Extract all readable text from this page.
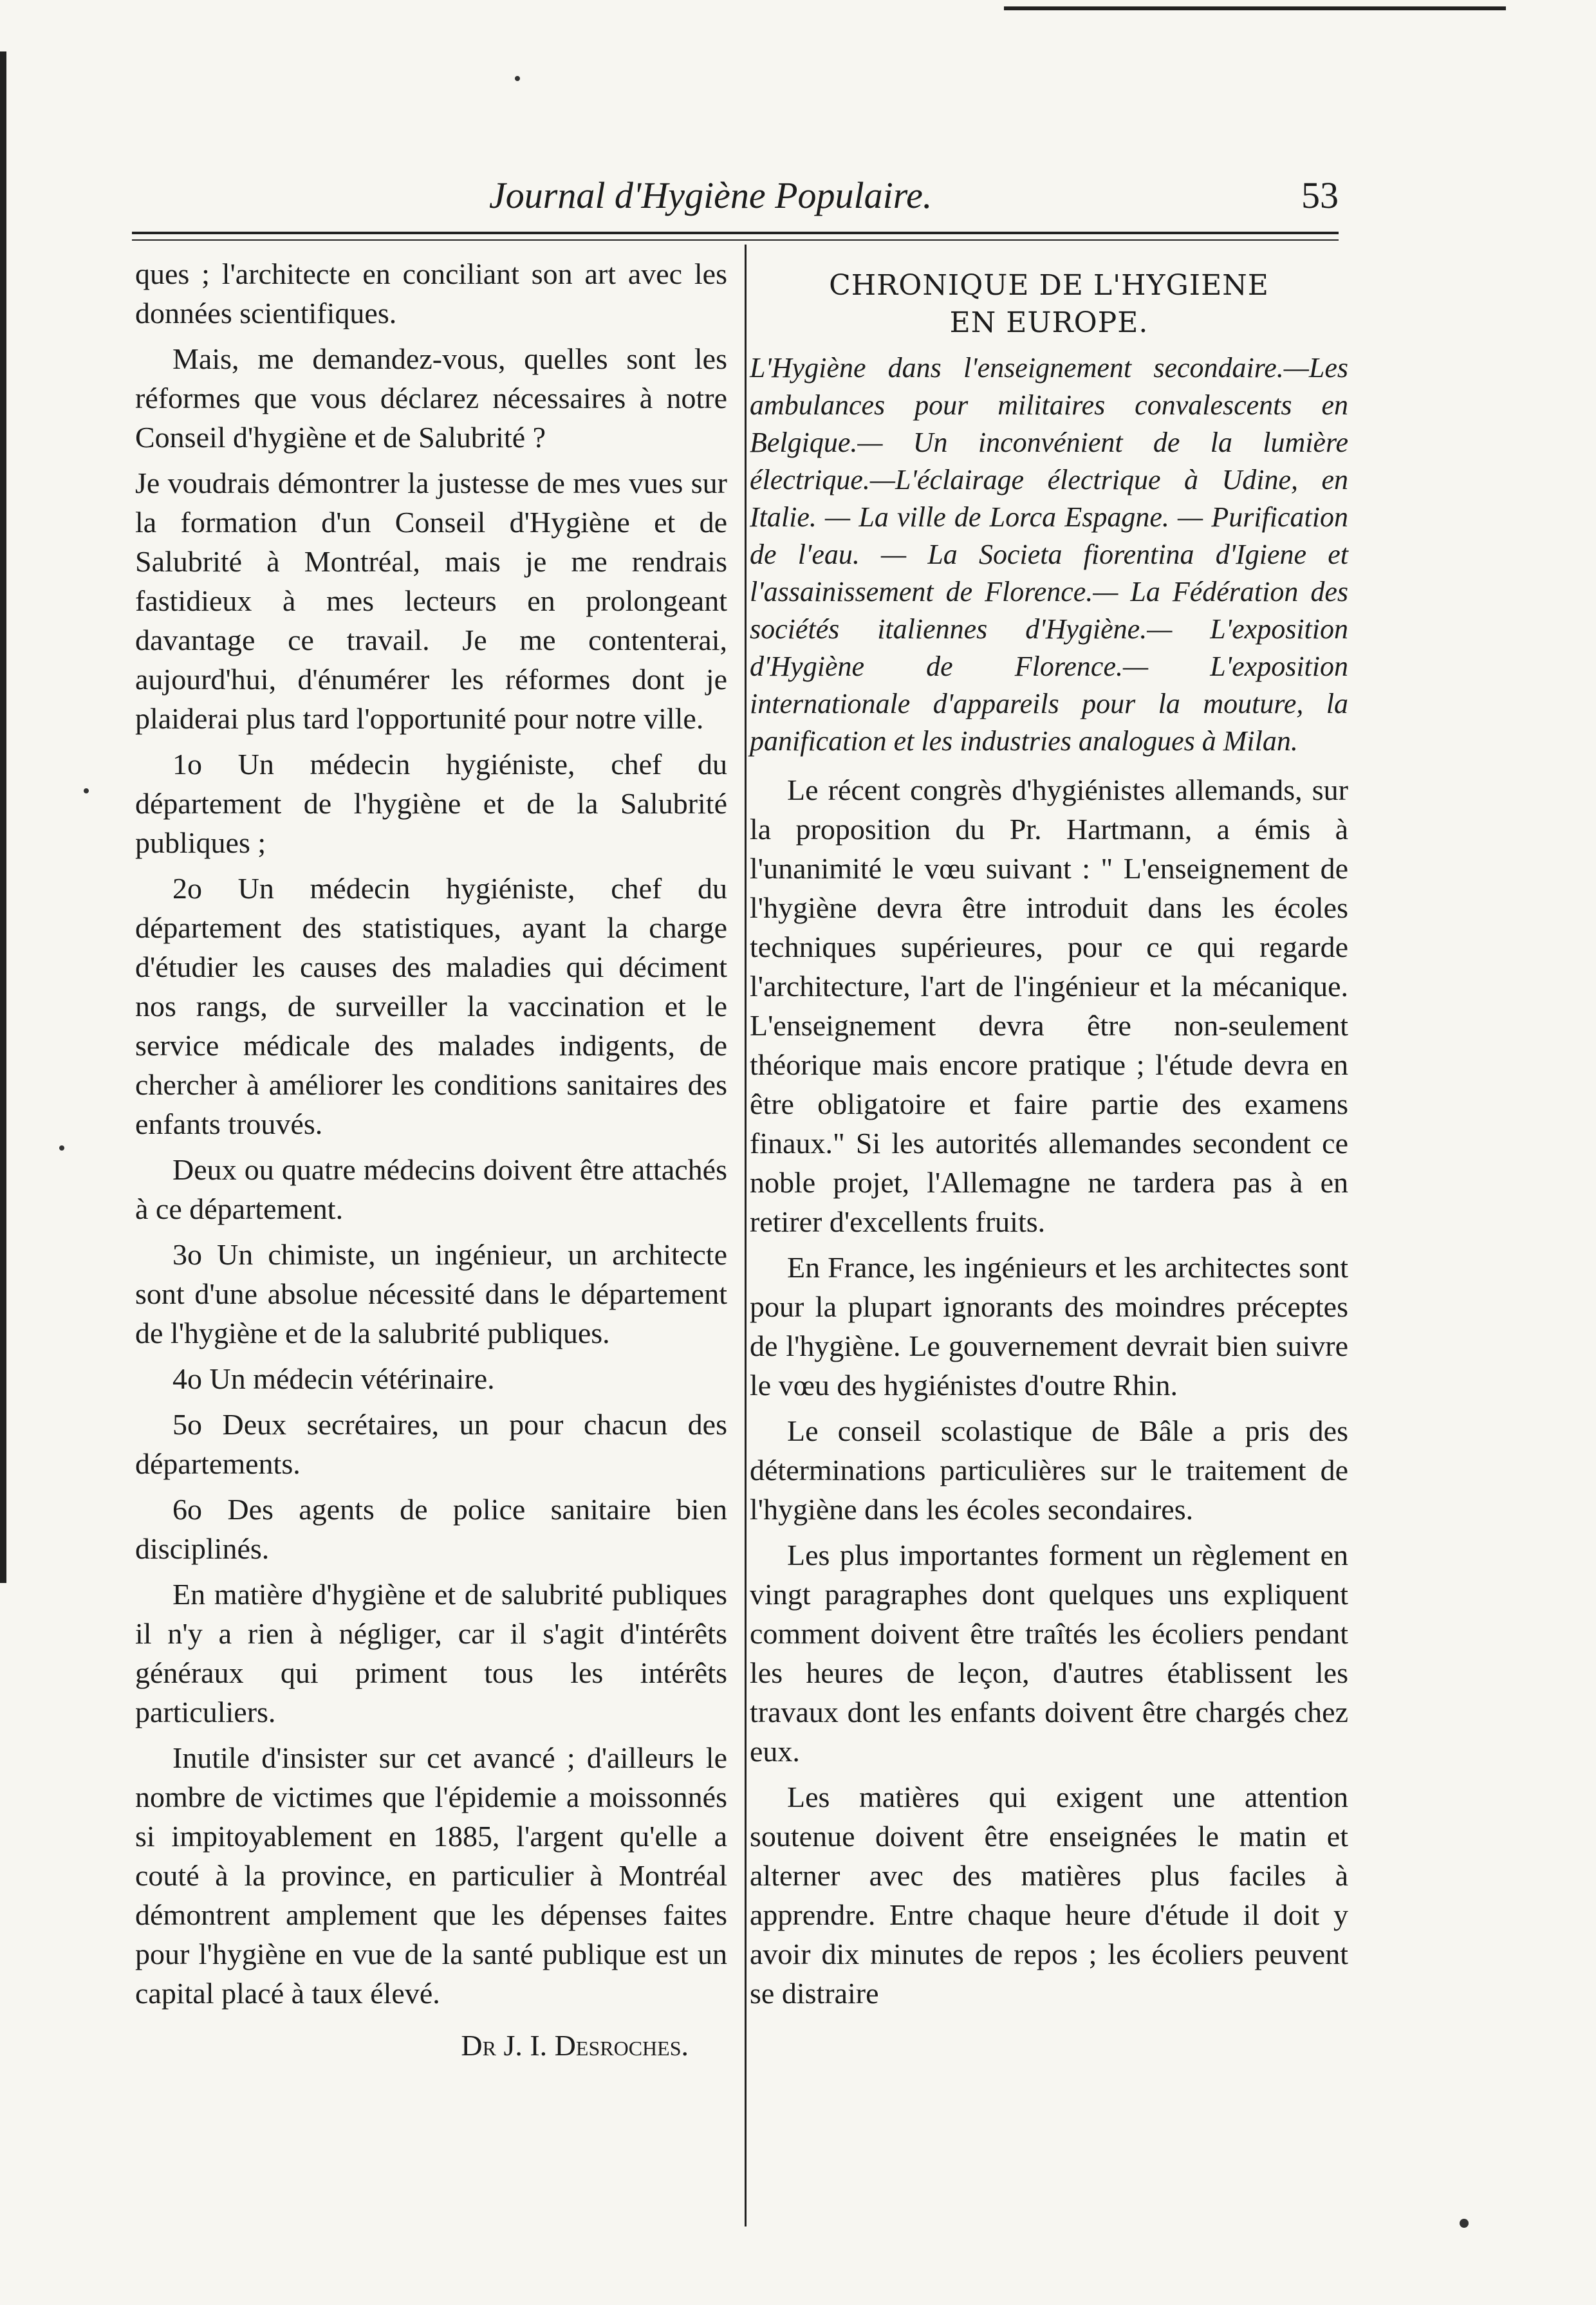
Journal d'Hygiène Populaire.	53

ques ; l'architecte en conciliant son art avec les données scientifiques.

Mais, me demandez-vous, quelles sont les réformes que vous déclarez nécessaires à notre Conseil d'hygiène et de Salubrité ?

Je voudrais démontrer la justesse de mes vues sur la formation d'un Conseil d'Hygiène et de Salubrité à Montréal, mais je me rendrais fastidieux à mes lecteurs en prolongeant davantage ce travail. Je me contenterai, aujourd'hui, d'énumérer les réformes dont je plaiderai plus tard l'opportunité pour notre ville.

1o Un médecin hygiéniste, chef du département de l'hygiène et de la Salubrité publiques ;

2o Un médecin hygiéniste, chef du département des statistiques, ayant la charge d'étudier les causes des maladies qui déciment nos rangs, de surveiller la vaccination et le service médicale des malades indigents, de chercher à améliorer les conditions sanitaires des enfants trouvés.

Deux ou quatre médecins doivent être attachés à ce département.

3o Un chimiste, un ingénieur, un architecte sont d'une absolue nécessité dans le département de l'hygiène et de la salubrité publiques.

4o Un médecin vétérinaire.

5o Deux secrétaires, un pour chacun des départements.

6o Des agents de police sanitaire bien disciplinés.

En matière d'hygiène et de salubrité publiques il n'y a rien à négliger, car il s'agit d'intérêts généraux qui priment tous les intérêts particuliers.

Inutile d'insister sur cet avancé ; d'ailleurs le nombre de victimes que l'épidemie a moissonnés si impitoyablement en 1885, l'argent qu'elle a couté à la province, en particulier à Montréal démontrent amplement que les dépenses faites pour l'hygiène en vue de la santé publique est un capital placé à taux élevé.

Dr J. I. Desroches.
CHRONIQUE DE L'HYGIENE
EN EUROPE.
L'Hygiène dans l'enseignement secondaire.—Les ambulances pour militaires convalescents en Belgique.— Un inconvénient de la lumière électrique.—L'éclairage électrique à Udine, en Italie. — La ville de Lorca Espagne. — Purification de l'eau. — La Societa fiorentina d'Igiene et l'assainissement de Florence.— La Fédération des sociétés italiennes d'Hygiène.— L'exposition d'Hygiène de Florence.— L'exposition internationale d'appareils pour la mouture, la panification et les industries analogues à Milan.

Le récent congrès d'hygiénistes allemands, sur la proposition du Pr. Hartmann, a émis à l'unanimité le vœu suivant : " L'enseignement de l'hygiène devra être introduit dans les écoles techniques supérieures, pour ce qui regarde l'architecture, l'art de l'ingénieur et la mécanique. L'enseignement devra être non-seulement théorique mais encore pratique ; l'étude devra en être obligatoire et faire partie des examens finaux." Si les autorités allemandes secondent ce noble projet, l'Allemagne ne tardera pas à en retirer d'excellents fruits.

En France, les ingénieurs et les architectes sont pour la plupart ignorants des moindres préceptes de l'hygiène. Le gouvernement devrait bien suivre le vœu des hygiénistes d'outre Rhin.

Le conseil scolastique de Bâle a pris des déterminations particulières sur le traitement de l'hygiène dans les écoles secondaires.

Les plus importantes forment un règlement en vingt paragraphes dont quelques uns expliquent comment doivent être traîtés les écoliers pendant les heures de leçon, d'autres établissent les travaux dont les enfants doivent être chargés chez eux.

Les matières qui exigent une attention soutenue doivent être enseignées le matin et alterner avec des matières plus faciles à apprendre. Entre chaque heure d'étude il doit y avoir dix minutes de repos ; les écoliers peuvent se distraire
